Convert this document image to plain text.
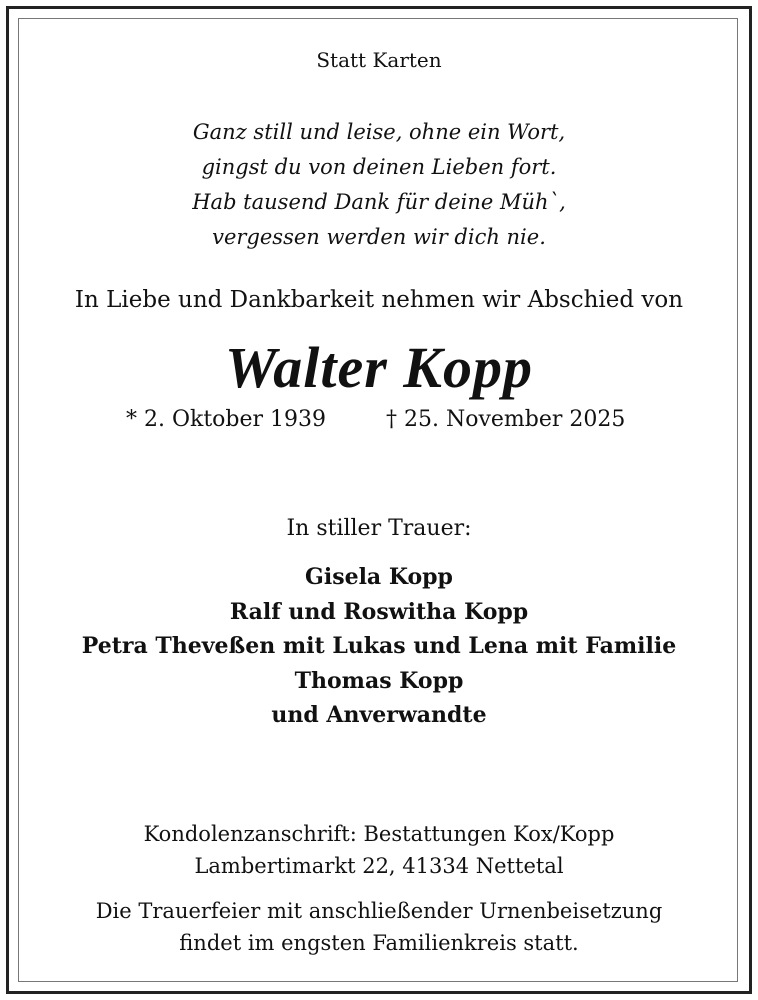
Statt Karten
Ganz still und leise, ohne ein Wort,
gingst du von deinen Lieben fort.
Hab tausend Dank für deine Müh`,
vergessen werden wir dich nie.
In Liebe und Dankbarkeit nehmen wir Abschied von
Walter Kopp
* 2. Oktober 1939	† 25. November 2025
In stiller Trauer:
Gisela Kopp
Ralf und Roswitha Kopp
Petra Theveßen mit Lukas und Lena mit Familie
Thomas Kopp
und Anverwandte
Kondolenzanschrift: Bestattungen Kox/Kopp
Lambertimarkt 22, 41334 Nettetal
Die Trauerfeier mit anschließender Urnenbeisetzung
findet im engsten Familienkreis statt.
